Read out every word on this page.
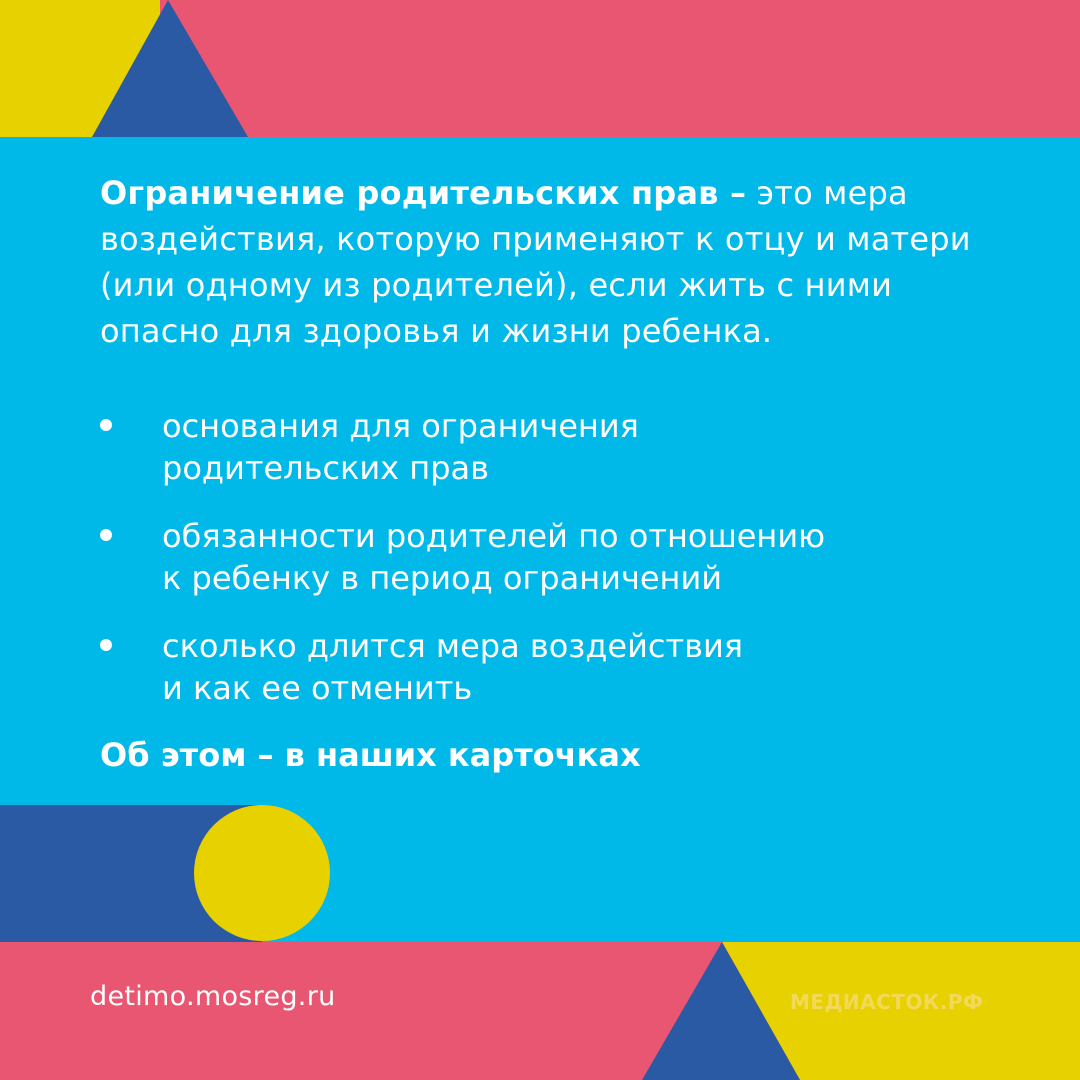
Ограничение родительских прав – это мера воздействия, которую применяют к отцу и матери (или одному из родителей), если жить с ними опасно для здоровья и жизни ребенка.
основания для ограничения
родительских прав
обязанности родителей по отношению
к ребенку в период ограничений
сколько длится мера воздействия
и как ее отменить
Об этом – в наших карточках
detimo.mosreg.ru	МЕДИАСТОК.РФ
